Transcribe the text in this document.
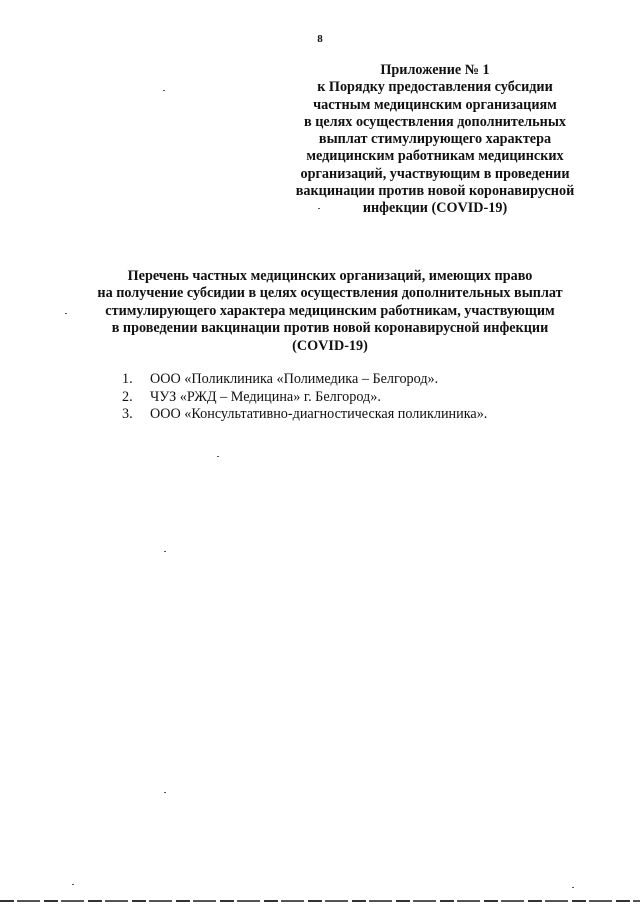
8
Приложение № 1
к Порядку предоставления субсидии
частным медицинским организациям
в целях осуществления дополнительных
выплат стимулирующего характера
медицинским работникам медицинских
организаций, участвующим в проведении
вакцинации против новой коронавирусной
инфекции (COVID-19)
Перечень частных медицинских организаций, имеющих право
на получение субсидии в целях осуществления дополнительных выплат
стимулирующего характера медицинским работникам, участвующим
в проведении вакцинации против новой коронавирусной инфекции
(COVID-19)
1. ООО «Поликлиника «Полимедика – Белгород».
2. ЧУЗ «РЖД – Медицина» г. Белгород».
3. ООО «Консультативно-диагностическая поликлиника».
